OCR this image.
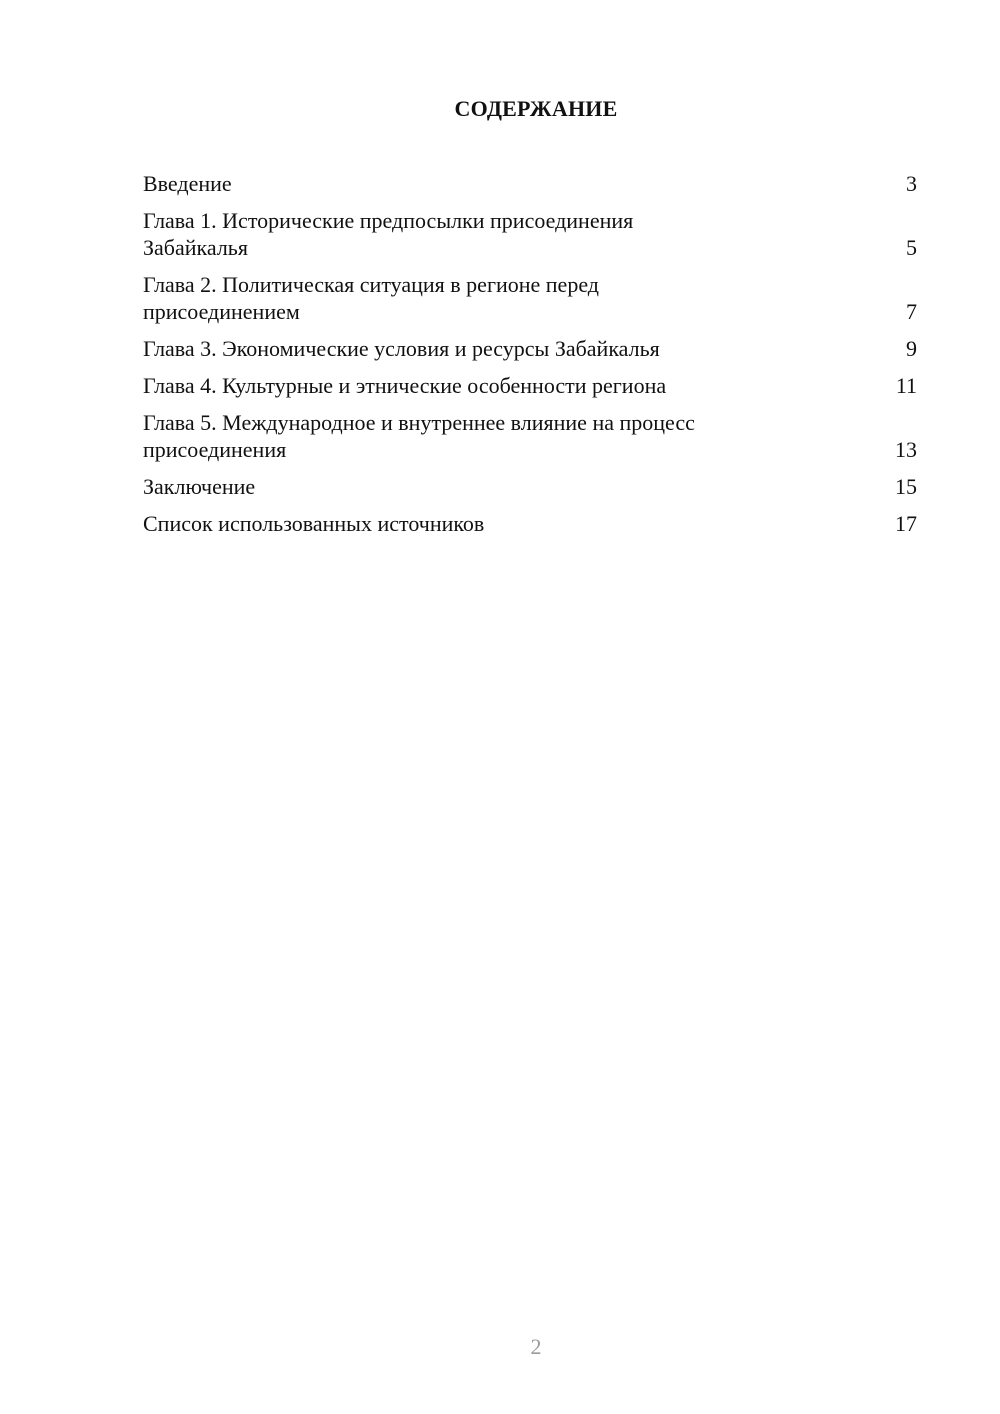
СОДЕРЖАНИЕ
Введение	3
Глава 1. Исторические предпосылки присоединения
Забайкалья	5
Глава 2. Политическая ситуация в регионе перед
присоединением	7
Глава 3. Экономические условия и ресурсы Забайкалья	9
Глава 4. Культурные и этнические особенности региона	11
Глава 5. Международное и внутреннее влияние на процесс
присоединения	13
Заключение	15
Список использованных источников	17
2
